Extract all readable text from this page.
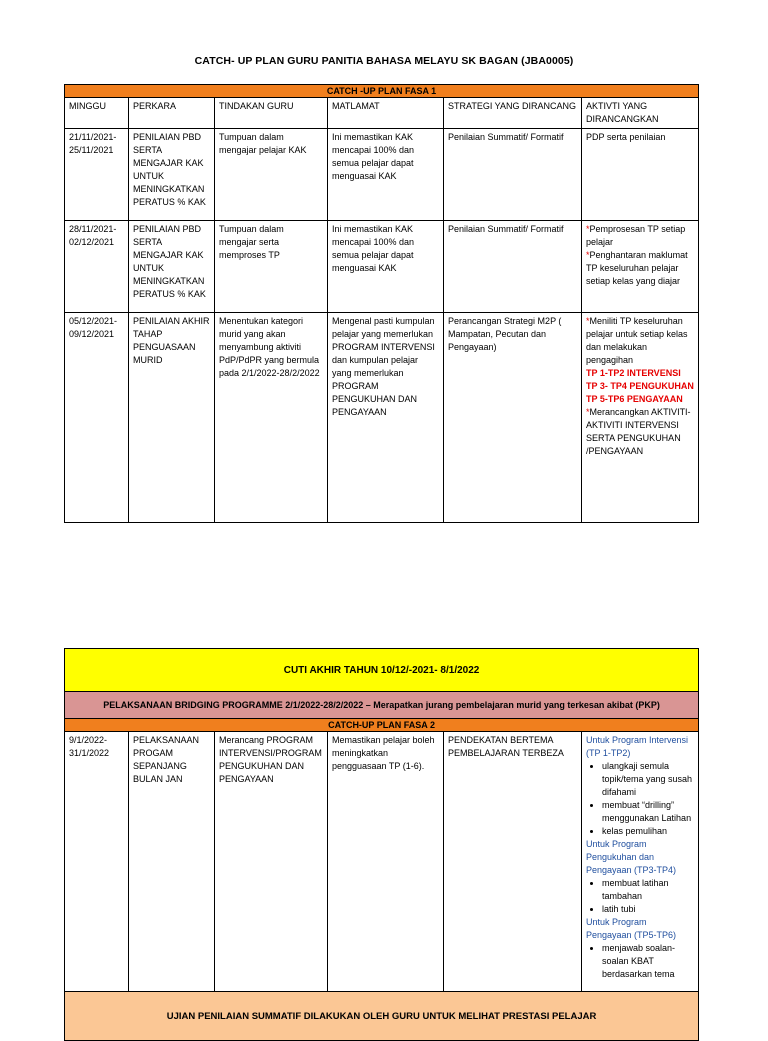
CATCH- UP PLAN GURU PANITIA BAHASA MELAYU SK BAGAN (JBA0005)
CATCH -UP PLAN FASA 1					
MINGGU	PERKARA	TINDAKAN GURU	MATLAMAT	STRATEGI YANG DIRANCANG	AKTIVTI YANG DIRANCANGKAN
21/11/2021-25/11/2021	PENILAIAN PBD SERTA MENGAJAR KAK UNTUK MENINGKATKAN PERATUS % KAK	Tumpuan dalam mengajar pelajar KAK	Ini memastikan KAK mencapai 100% dan semua pelajar dapat menguasai KAK	Penilaian Summatif/ Formatif	PDP serta penilaian
28/11/2021-02/12/2021	PENILAIAN PBD SERTA MENGAJAR KAK UNTUK MENINGKATKAN PERATUS % KAK	Tumpuan dalam mengajar serta memproses TP	Ini memastikan KAK mencapai 100% dan semua pelajar dapat menguasai KAK	Penilaian Summatif/ Formatif	*Pemprosesan TP setiap pelajar
*Penghantaran maklumat TP keseluruhan pelajar setiap kelas yang diajar

05/12/2021-09/12/2021	PENILAIAN AKHIR TAHAP PENGUASAAN MURID	Menentukan kategori murid yang akan menyambung aktiviti PdP/PdPR yang bermula pada 2/1/2022-28/2/2022	Mengenal pasti kumpulan pelajar yang memerlukan PROGRAM INTERVENSI dan kumpulan pelajar yang memerlukan PROGRAM PENGUKUHAN DAN PENGAYAAN	Perancangan Strategi M2P ( Mampatan, Pecutan dan Pengayaan)	*Meniliti TP keseluruhan pelajar untuk setiap kelas dan melakukan pengagihan
TP 1-TP2 INTERVENSI
TP 3- TP4 PENGUKUHAN
TP 5-TP6 PENGAYAAN
*Merancangkan AKTIVITI-AKTIVITI INTERVENSI SERTA PENGUKUHAN /PENGAYAAN
CUTI AKHIR TAHUN 10/12/-2021- 8/1/2022
PELAKSANAAN BRIDGING PROGRAMME 2/1/2022-28/2/2022 – Merapatkan jurang pembelajaran murid yang terkesan akibat (PKP)
CATCH-UP PLAN FASA 2
9/1/2022-31/1/2022	PELAKSANAAN PROGAM SEPANJANG BULAN JAN	Merancang PROGRAM INTERVENSI/PROGRAM PENGUKUHAN DAN PENGAYAAN	Memastikan pelajar boleh meningkatkan pengguasaan TP (1-6).	PENDEKATAN BERTEMA PEMBELAJARAN TERBEZA	
Untuk Program Intervensi (TP 1-TP2)
• ulangkaji semula topik/tema yang susah difahami
• membuat “drilling” menggunakan Latihan
• kelas pemulihan
Untuk Program Pengukuhan dan Pengayaan (TP3-TP4)
• membuat latihan tambahan
• latih tubi
Untuk Program Pengayaan (TP5-TP6)
• menjawab soalan-soalan KBAT berdasarkan tema

UJIAN PENILAIAN SUMMATIF DILAKUKAN OLEH GURU UNTUK MELIHAT PRESTASI PELAJAR
